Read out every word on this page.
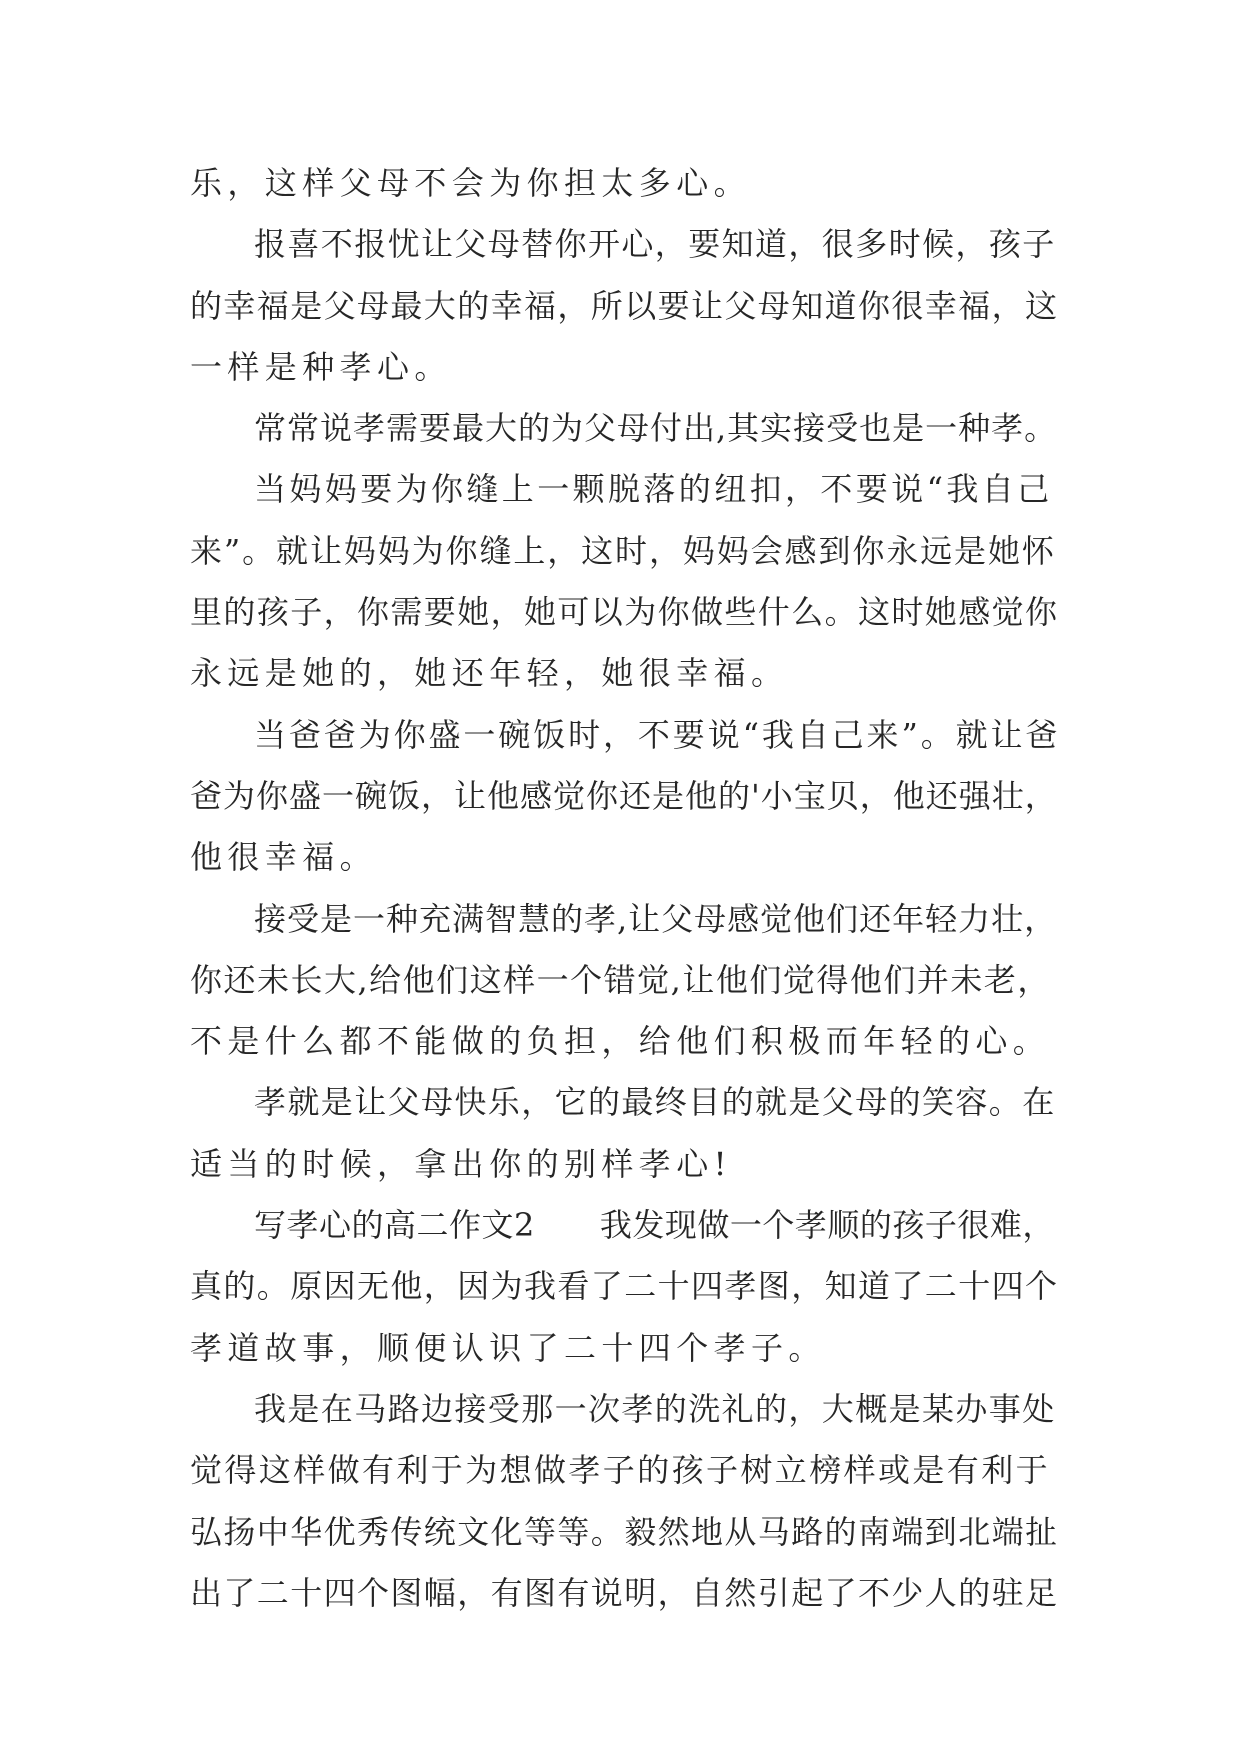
乐，这样父母不会为你担太多心。
报喜不报忧让父母替你开心，要知道，很多时候，孩子
的幸福是父母最大的幸福，所以要让父母知道你很幸福，这
一样是种孝心。
常常说孝需要最大的为父母付出,其实接受也是一种孝。
当妈妈要为你缝上一颗脱落的纽扣，不要说“我自己
来”。就让妈妈为你缝上，这时，妈妈会感到你永远是她怀
里的孩子，你需要她，她可以为你做些什么。这时她感觉你
永远是她的，她还年轻，她很幸福。
当爸爸为你盛一碗饭时，不要说“我自己来”。就让爸
爸为你盛一碗饭，让他感觉你还是他的'小宝贝，他还强壮，
他很幸福。
接受是一种充满智慧的孝,让父母感觉他们还年轻力壮，
你还未长大,给他们这样一个错觉,让他们觉得他们并未老，
不是什么都不能做的负担，给他们积极而年轻的心。
孝就是让父母快乐，它的最终目的就是父母的笑容。在
适当的时候，拿出你的别样孝心!
写孝心的高二作文2　　我发现做一个孝顺的孩子很难，
真的。原因无他，因为我看了二十四孝图，知道了二十四个
孝道故事，顺便认识了二十四个孝子。
我是在马路边接受那一次孝的洗礼的，大概是某办事处
觉得这样做有利于为想做孝子的孩子树立榜样或是有利于
弘扬中华优秀传统文化等等。毅然地从马路的南端到北端扯
出了二十四个图幅，有图有说明，自然引起了不少人的驻足
